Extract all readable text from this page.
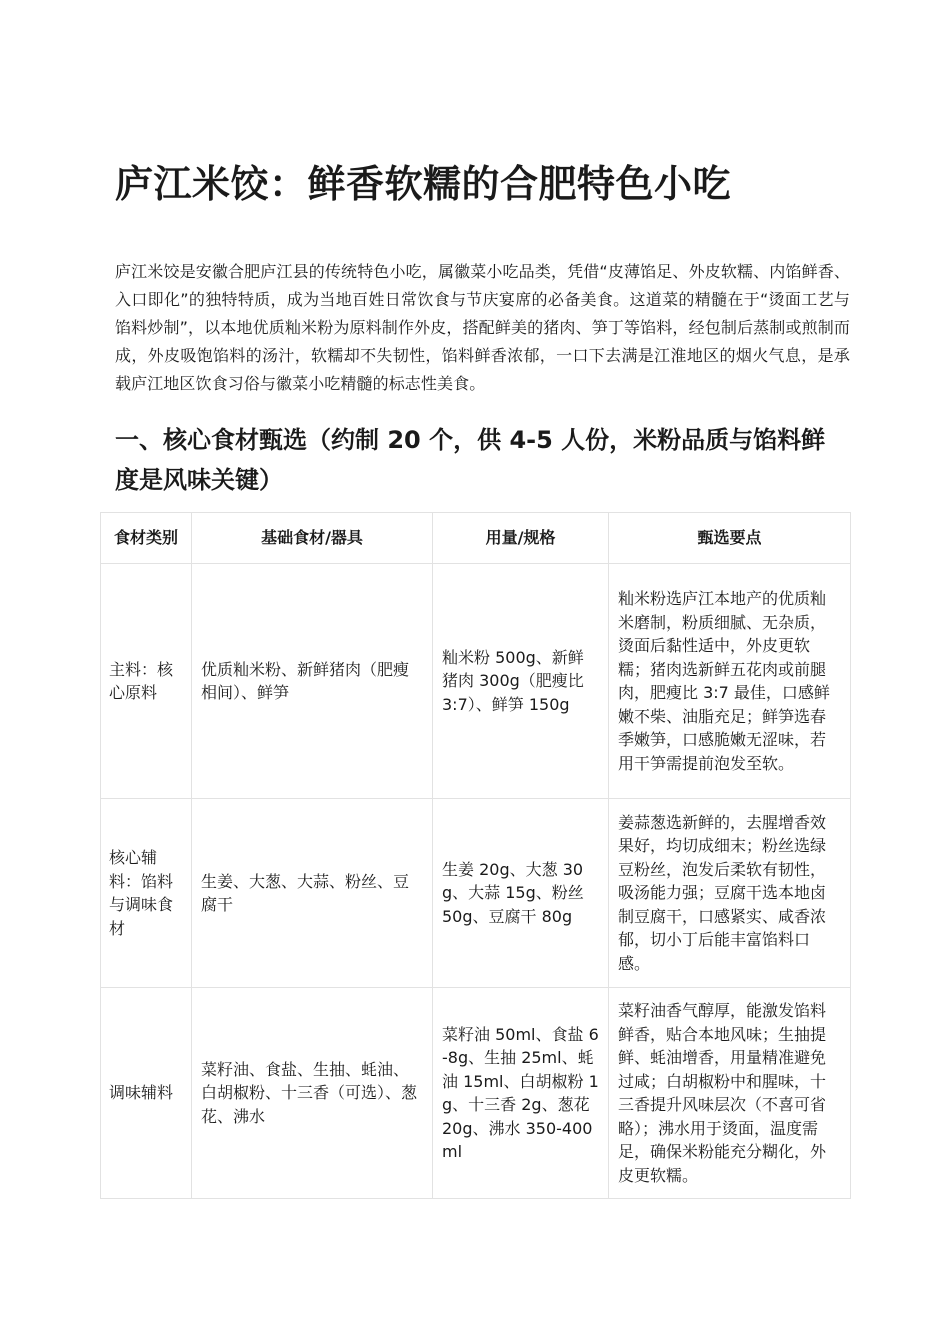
庐江米饺：鲜香软糯的合肥特色小吃

庐江米饺是安徽合肥庐江县的传统特色小吃，属徽菜小吃品类，凭借“皮薄馅足、外皮软糯、内馅鲜香、入口即化”的独特特质，成为当地百姓日常饮食与节庆宴席的必备美食。这道菜的精髓在于“烫面工艺与馅料炒制”，以本地优质籼米粉为原料制作外皮，搭配鲜美的猪肉、笋丁等馅料，经包制后蒸制或煎制而成，外皮吸饱馅料的汤汁，软糯却不失韧性，馅料鲜香浓郁，一口下去满是江淮地区的烟火气息，是承载庐江地区饮食习俗与徽菜小吃精髓的标志性美食。

一、核心食材甄选（约制 20 个，供 4-5 人份，米粉品质与馅料鲜度是风味关键）
食材类别	基础食材/器具	用量/规格	甄选要点
主料：核心原料	优质籼米粉、新鲜猪肉（肥瘦相间）、鲜笋	籼米粉 500g、新鲜猪肉 300g（肥瘦比 3:7）、鲜笋 150g	籼米粉选庐江本地产的优质籼米磨制，粉质细腻、无杂质，烫面后黏性适中，外皮更软糯；猪肉选新鲜五花肉或前腿肉，肥瘦比 3:7 最佳，口感鲜嫩不柴、油脂充足；鲜笋选春季嫩笋，口感脆嫩无涩味，若用干笋需提前泡发至软。
核心辅料：馅料与调味食材	生姜、大葱、大蒜、粉丝、豆腐干	生姜 20g、大葱 30g、大蒜 15g、粉丝 50g、豆腐干 80g	姜蒜葱选新鲜的，去腥增香效果好，均切成细末；粉丝选绿豆粉丝，泡发后柔软有韧性，吸汤能力强；豆腐干选本地卤制豆腐干，口感紧实、咸香浓郁，切小丁后能丰富馅料口感。
调味辅料	菜籽油、食盐、生抽、蚝油、白胡椒粉、十三香（可选）、葱花、沸水	菜籽油 50ml、食盐 6-8g、生抽 25ml、蚝油 15ml、白胡椒粉 1g、十三香 2g、葱花 20g、沸水 350-400ml	菜籽油香气醇厚，能激发馅料鲜香，贴合本地风味；生抽提鲜、蚝油增香，用量精准避免过咸；白胡椒粉中和腥味，十三香提升风味层次（不喜可省略）；沸水用于烫面，温度需足，确保米粉能充分糊化，外皮更软糯。
